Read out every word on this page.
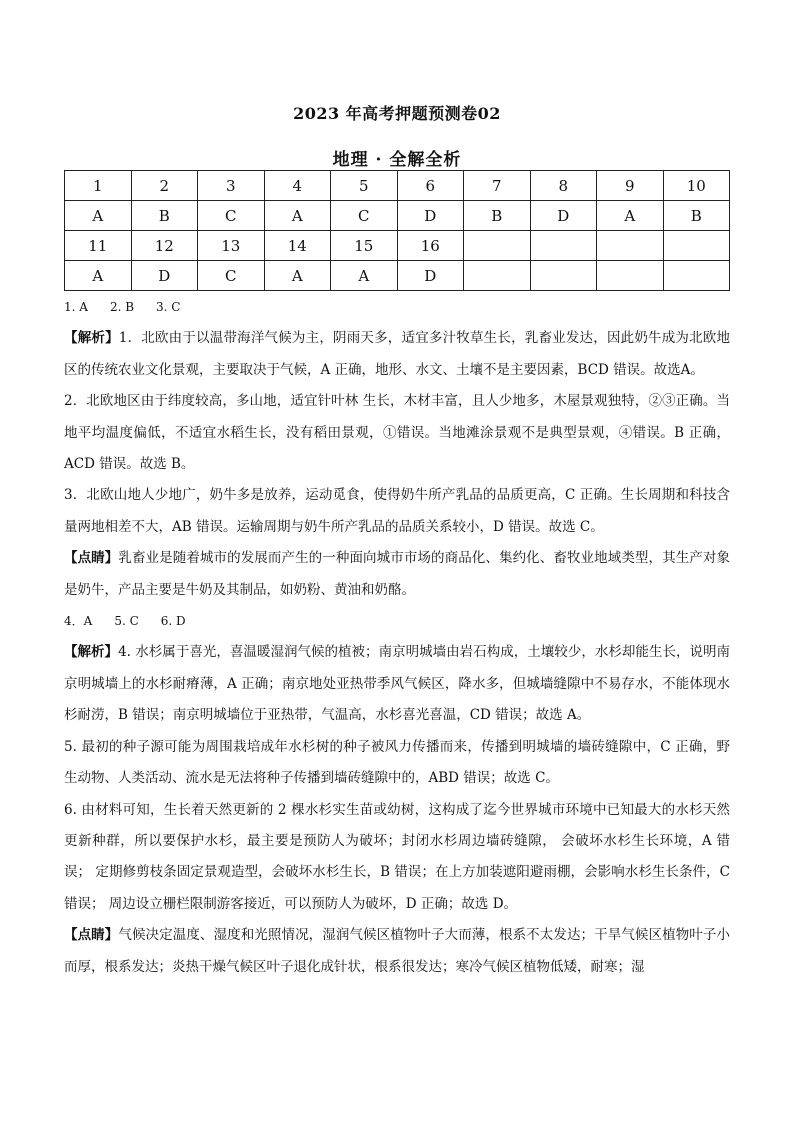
2023 年高考押题预测卷02
地理 · 全解全析
1	2	3	4	5	6	7	8	9	10
A	B	C	A	C	D	B	D	A	B
11	12	13	14	15	16				
A	D	C	A	A	D				

1. A 2. B 3. C

【解析】1．北欧由于以温带海洋气候为主，阴雨天多，适宜多汁牧草生长，乳畜业发达，因此奶牛成为北欧地区的传统农业文化景观，主要取决于气候，A 正确，地形、水文、土壤不是主要因素，BCD 错误。故选A。

2．北欧地区由于纬度较高，多山地，适宜针叶林 生长，木材丰富，且人少地多，木屋景观独特，②③正确。当地平均温度偏低，不适宜水稻生长，没有稻田景观，①错误。当地滩涂景观不是典型景观，④错误。B 正确，ACD 错误。故选 B。

3．北欧山地人少地广，奶牛多是放养，运动觅食，使得奶牛所产乳品的品质更高，C 正确。生长周期和科技含量两地相差不大，AB 错误。运输周期与奶牛所产乳品的品质关系较小，D 错误。故选 C。

【点睛】乳畜业是随着城市的发展而产生的一种面向城市市场的商品化、集约化、畜牧业地域类型，其生产对象是奶牛，产品主要是牛奶及其制品，如奶粉、黄油和奶酪。

4．A 5. C 6. D

【解析】4. 水杉属于喜光，喜温暖湿润气候的植被；南京明城墙由岩石构成，土壤较少，水杉却能生长，说明南京明城墙上的水杉耐瘠薄，A 正确；南京地处亚热带季风气候区，降水多，但城墙缝隙中不易存水，不能体现水杉耐涝，B 错误；南京明城墙位于亚热带，气温高，水杉喜光喜温，CD 错误；故选 A。

5. 最初的种子源可能为周围栽培成年水杉树的种子被风力传播而来，传播到明城墙的墙砖缝隙中，C 正确，野生动物、人类活动、流水是无法将种子传播到墙砖缝隙中的，ABD 错误；故选 C。

6. 由材料可知，生长着天然更新的 2 棵水杉实生苗或幼树，这构成了迄今世界城市环境中已知最大的水杉天然更新种群，所以要保护水杉，最主要是预防人为破坏；封闭水杉周边墙砖缝隙， 会破坏水杉生长环境，A 错误； 定期修剪枝条固定景观造型，会破坏水杉生长，B 错误；在上方加装遮阳避雨棚，会影响水杉生长条件，C 错误； 周边设立栅栏限制游客接近，可以预防人为破坏，D 正确；故选 D。

【点睛】气候决定温度、湿度和光照情况，湿润气候区植物叶子大而薄，根系不太发达；干旱气候区植物叶子小而厚，根系发达；炎热干燥气候区叶子退化成针状，根系很发达；寒冷气候区植物低矮，耐寒；湿
